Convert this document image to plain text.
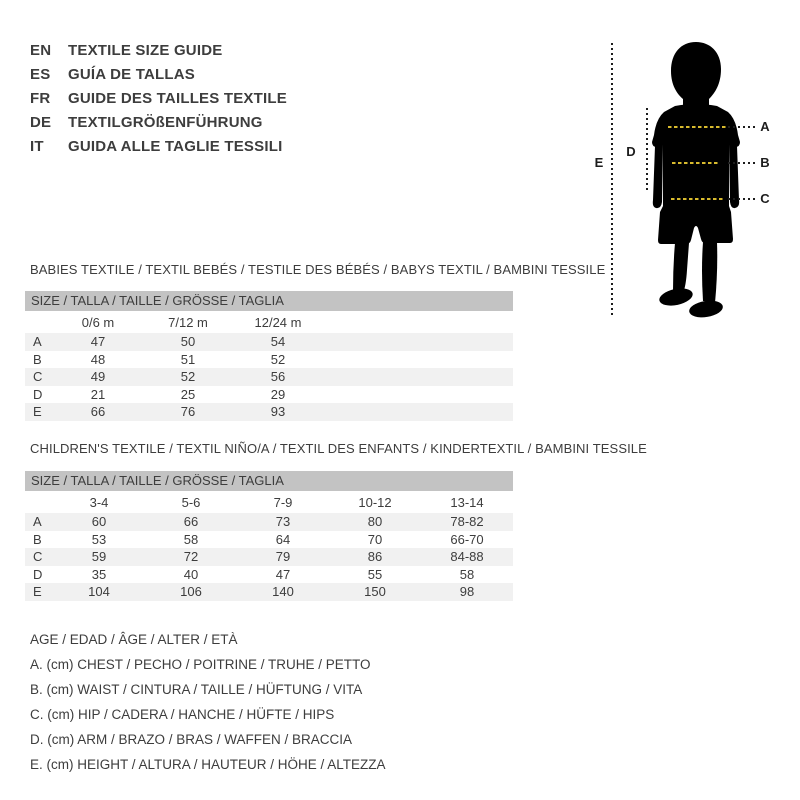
EN	TEXTILE SIZE GUIDE
ES	GUÍA DE TALLAS
FR	GUIDE DES TAILLES TEXTILE
DE	TEXTILGRÖßENFÜHRUNG
IT	GUIDA ALLE TAGLIE TESSILI
E
D
A
B
C
BABIES TEXTILE / TEXTIL BEBÉS / TESTILE DES BÉBÉS / BABYS TEXTIL / BAMBINI TESSILE
SIZE / TALLA / TAILLE / GRÖSSE / TAGLIA
	0/6 m	7/12 m	12/24 m	
A	47	50	54	
B	48	51	52	
C	49	52	56	
D	21	25	29	
E	66	76	93	
CHILDREN'S TEXTILE / TEXTIL NIÑO/A / TEXTIL DES ENFANTS / KINDERTEXTIL / BAMBINI TESSILE
SIZE / TALLA / TAILLE / GRÖSSE / TAGLIA
	3-4	5-6	7-9	10-12	13-14
A	60	66	73	80	78-82
B	53	58	64	70	66-70
C	59	72	79	86	84-88
D	35	40	47	55	58
E	104	106	140	150	98
AGE / EDAD / ÂGE / ALTER / ETÀ
A. (cm) CHEST / PECHO / POITRINE / TRUHE / PETTO
B. (cm) WAIST / CINTURA / TAILLE / HÜFTUNG / VITA
C. (cm) HIP / CADERA / HANCHE / HÜFTE / HIPS
D. (cm) ARM / BRAZO / BRAS / WAFFEN / BRACCIA
E. (cm) HEIGHT / ALTURA / HAUTEUR / HÖHE / ALTEZZA
